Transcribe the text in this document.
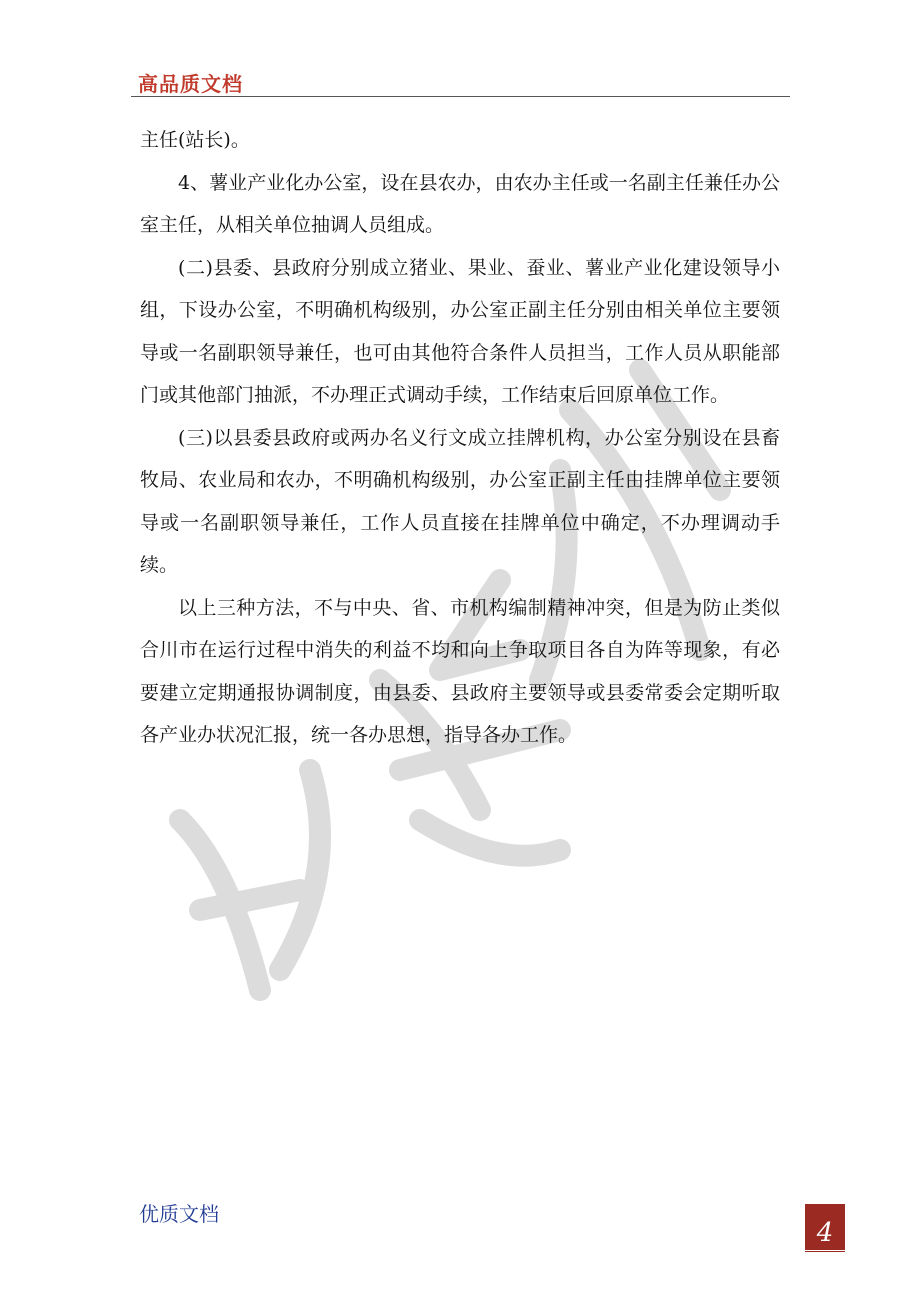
高品质文档

主任(站长)。

4、薯业产业化办公室，设在县农办，由农办主任或一名副主任兼任办公室主任，从相关单位抽调人员组成。

(二)县委、县政府分别成立猪业、果业、蚕业、薯业产业化建设领导小组，下设办公室，不明确机构级别，办公室正副主任分别由相关单位主要领导或一名副职领导兼任，也可由其他符合条件人员担当，工作人员从职能部门或其他部门抽派，不办理正式调动手续，工作结束后回原单位工作。

(三)以县委县政府或两办名义行文成立挂牌机构，办公室分别设在县畜牧局、农业局和农办，不明确机构级别，办公室正副主任由挂牌单位主要领导或一名副职领导兼任，工作人员直接在挂牌单位中确定，不办理调动手续。

以上三种方法，不与中央、省、市机构编制精神冲突，但是为防止类似合川市在运行过程中消失的利益不均和向上争取项目各自为阵等现象，有必要建立定期通报协调制度，由县委、县政府主要领导或县委常委会定期听取各产业办状况汇报，统一各办思想，指导各办工作。

优质文档
4
